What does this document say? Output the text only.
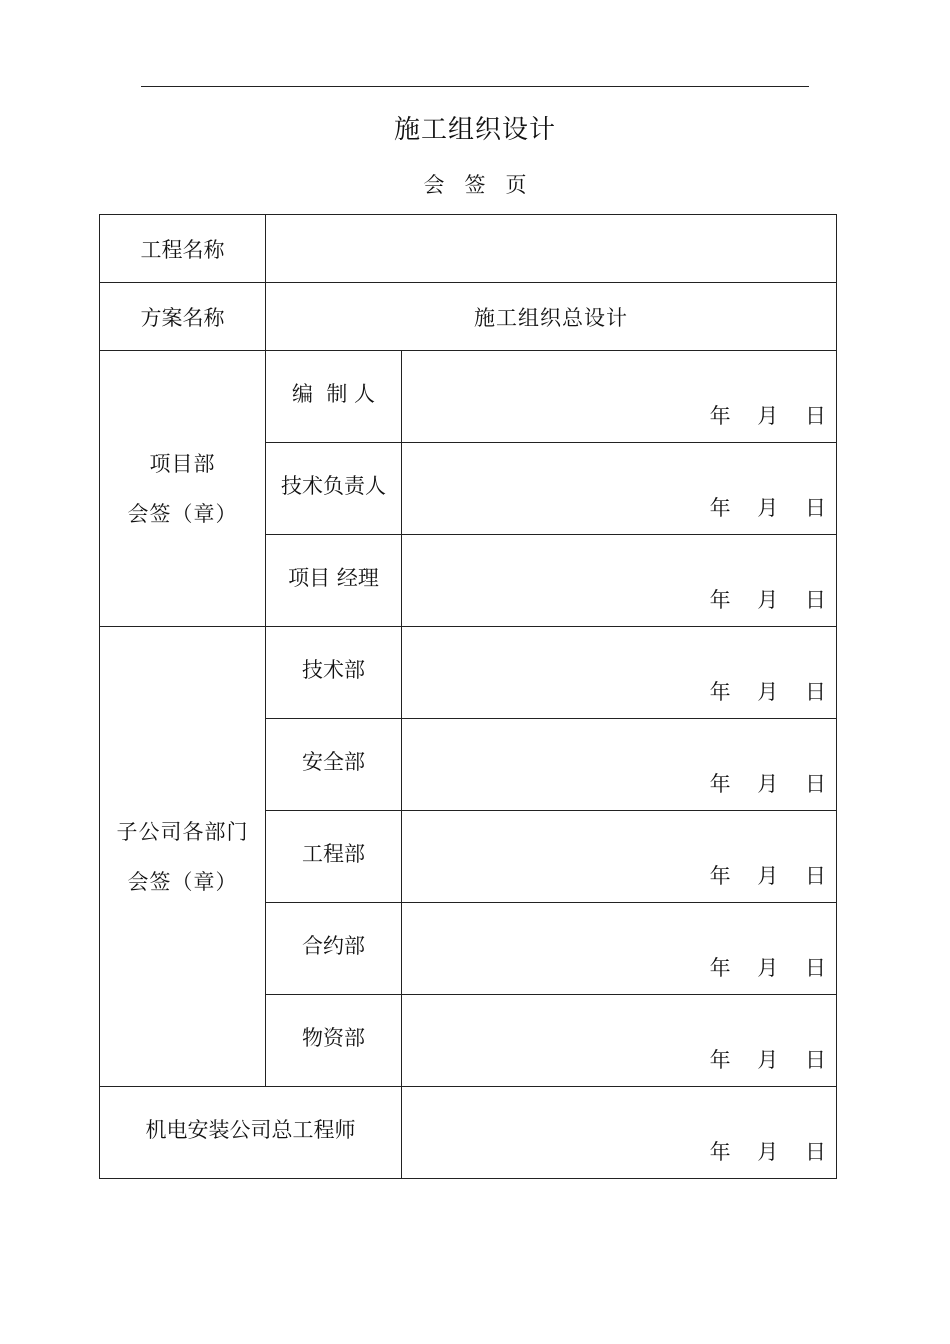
施工组织设计
会签页
工程名称		
方案名称	施工组织总设计	

项目部
会签（章）	编  制 人	年    月    日

	技术负责人	年    月    日

	项目 经理	年    月    日

子公司各部门
会签（章）	技术部	年    月    日

	安全部	年    月    日

	工程部	年    月    日

	合约部	年    月    日

	物资部	年    月    日

机电安装公司总工程师		年    月    日
